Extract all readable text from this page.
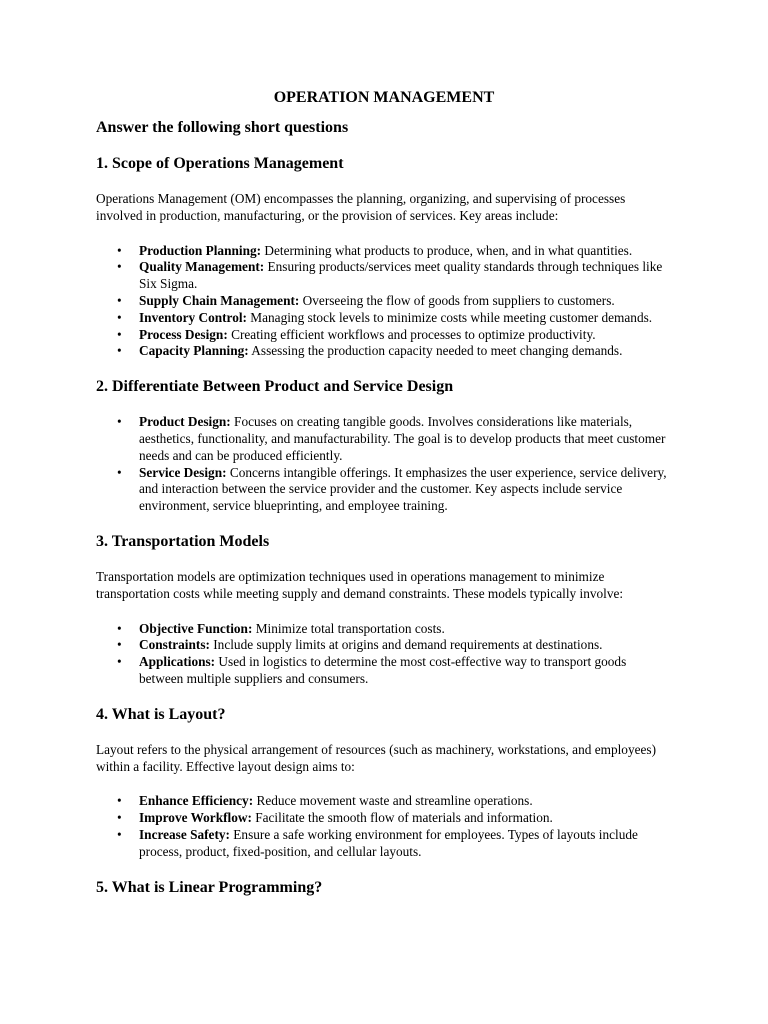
OPERATION MANAGEMENT
Answer the following short questions
1. Scope of Operations Management

Operations Management (OM) encompasses the planning, organizing, and supervising of processes involved in production, manufacturing, or the provision of services. Key areas include:

• Production Planning: Determining what products to produce, when, and in what quantities.
• Quality Management: Ensuring products/services meet quality standards through techniques like Six Sigma.
• Supply Chain Management: Overseeing the flow of goods from suppliers to customers.
• Inventory Control: Managing stock levels to minimize costs while meeting customer demands.
• Process Design: Creating efficient workflows and processes to optimize productivity.
• Capacity Planning: Assessing the production capacity needed to meet changing demands.
2. Differentiate Between Product and Service Design
• Product Design: Focuses on creating tangible goods. Involves considerations like materials, aesthetics, functionality, and manufacturability. The goal is to develop products that meet customer needs and can be produced efficiently.
• Service Design: Concerns intangible offerings. It emphasizes the user experience, service delivery, and interaction between the service provider and the customer. Key aspects include service environment, service blueprinting, and employee training.
3. Transportation Models

Transportation models are optimization techniques used in operations management to minimize transportation costs while meeting supply and demand constraints. These models typically involve:

• Objective Function: Minimize total transportation costs.
• Constraints: Include supply limits at origins and demand requirements at destinations.
• Applications: Used in logistics to determine the most cost-effective way to transport goods between multiple suppliers and consumers.
4. What is Layout?

Layout refers to the physical arrangement of resources (such as machinery, workstations, and employees) within a facility. Effective layout design aims to:

• Enhance Efficiency: Reduce movement waste and streamline operations.
• Improve Workflow: Facilitate the smooth flow of materials and information.
• Increase Safety: Ensure a safe working environment for employees. Types of layouts include process, product, fixed-position, and cellular layouts.
5. What is Linear Programming?
